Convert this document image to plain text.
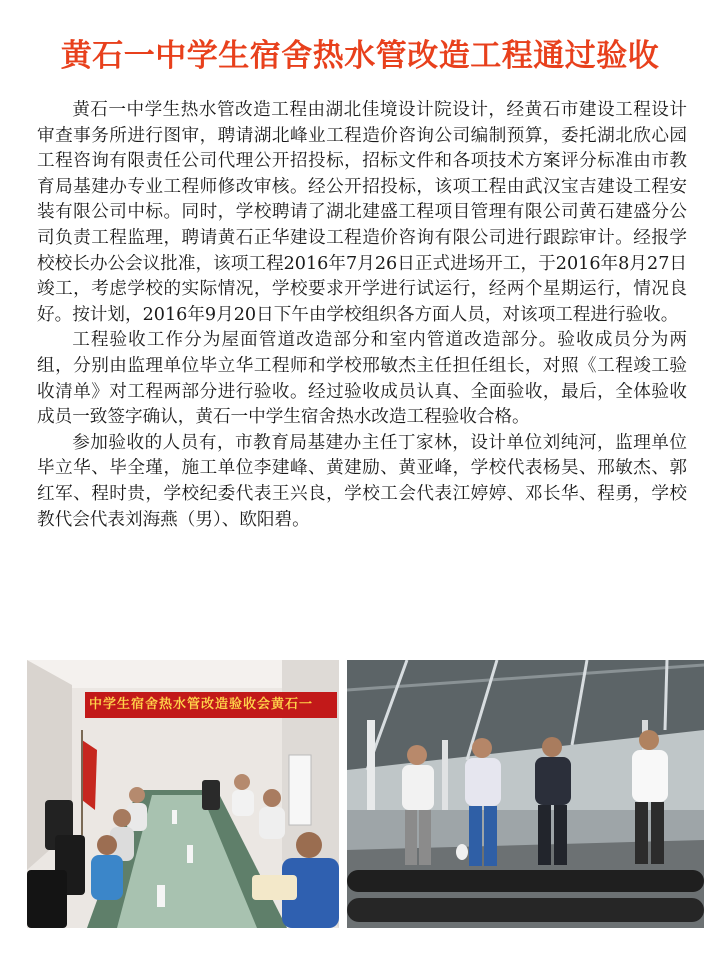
黄石一中学生宿舍热水管改造工程通过验收

黄石一中学生热水管改造工程由湖北佳境设计院设计，经黄石市建设工程设计审查事务所进行图审，聘请湖北峰业工程造价咨询公司编制预算，委托湖北欣心园工程咨询有限责任公司代理公开招投标，招标文件和各项技术方案评分标准由市教育局基建办专业工程师修改审核。经公开招投标，该项工程由武汉宝吉建设工程安装有限公司中标。同时，学校聘请了湖北建盛工程项目管理有限公司黄石建盛分公司负责工程监理，聘请黄石正华建设工程造价咨询有限公司进行跟踪审计。经报学校校长办公会议批准，该项工程2016年7月26日正式进场开工，于2016年8月27日竣工，考虑学校的实际情况，学校要求开学进行试运行，经两个星期运行，情况良好。按计划，2016年9月20日下午由学校组织各方面人员，对该项工程进行验收。

工程验收工作分为屋面管道改造部分和室内管道改造部分。验收成员分为两组，分别由监理单位毕立华工程师和学校邢敏杰主任担任组长，对照《工程竣工验收清单》对工程两部分进行验收。经过验收成员认真、全面验收，最后，全体验收成员一致签字确认，黄石一中学生宿舍热水改造工程验收合格。

参加验收的人员有，市教育局基建办主任丁家林，设计单位刘纯河，监理单位毕立华、毕全瑾，施工单位李建峰、黄建励、黄亚峰，学校代表杨昊、邢敏杰、郭红军、程时贵，学校纪委代表王兴良，学校工会代表江婷婷、邓长华、程勇，学校教代会代表刘海燕（男）、欧阳碧。

中学生宿舍热水管改造验收会黄石一
